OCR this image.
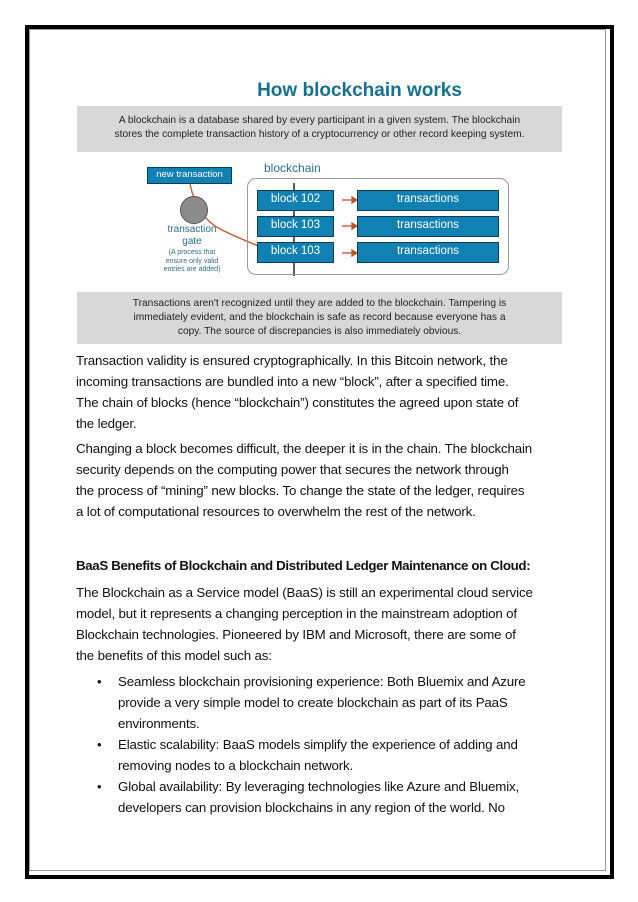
How blockchain works
A blockchain is a database shared by every participant in a given system. The blockchain
stores the complete transaction history of a cryptocurrency or other record keeping system.
new transaction
transaction
gate
(A process that
ensure only valid
entries are added)
blockchain
block 102	transactions
block 103	transactions
block 103	transactions
Transactions aren't recognized until they are added to the blockchain. Tampering is
immediately evident, and the blockchain is safe as record because everyone has a
copy. The source of discrepancies is also immediately obvious.
Transaction validity is ensured cryptographically. In this Bitcoin network, the
incoming transactions are bundled into a new “block”, after a specified time.
The chain of blocks (hence “blockchain”) constitutes the agreed upon state of
the ledger.
Changing a block becomes difficult, the deeper it is in the chain. The blockchain
security depends on the computing power that secures the network through
the process of “mining” new blocks. To change the state of the ledger, requires
a lot of computational resources to overwhelm the rest of the network.
BaaS Benefits of Blockchain and Distributed Ledger Maintenance on Cloud:
The Blockchain as a Service model (BaaS) is still an experimental cloud service
model, but it represents a changing perception in the mainstream adoption of
Blockchain technologies. Pioneered by IBM and Microsoft, there are some of
the benefits of this model such as:
• Seamless blockchain provisioning experience: Both Bluemix and Azure
provide a very simple model to create blockchain as part of its PaaS
environments.
• Elastic scalability: BaaS models simplify the experience of adding and
removing nodes to a blockchain network.
• Global availability: By leveraging technologies like Azure and Bluemix,
developers can provision blockchains in any region of the world. No
